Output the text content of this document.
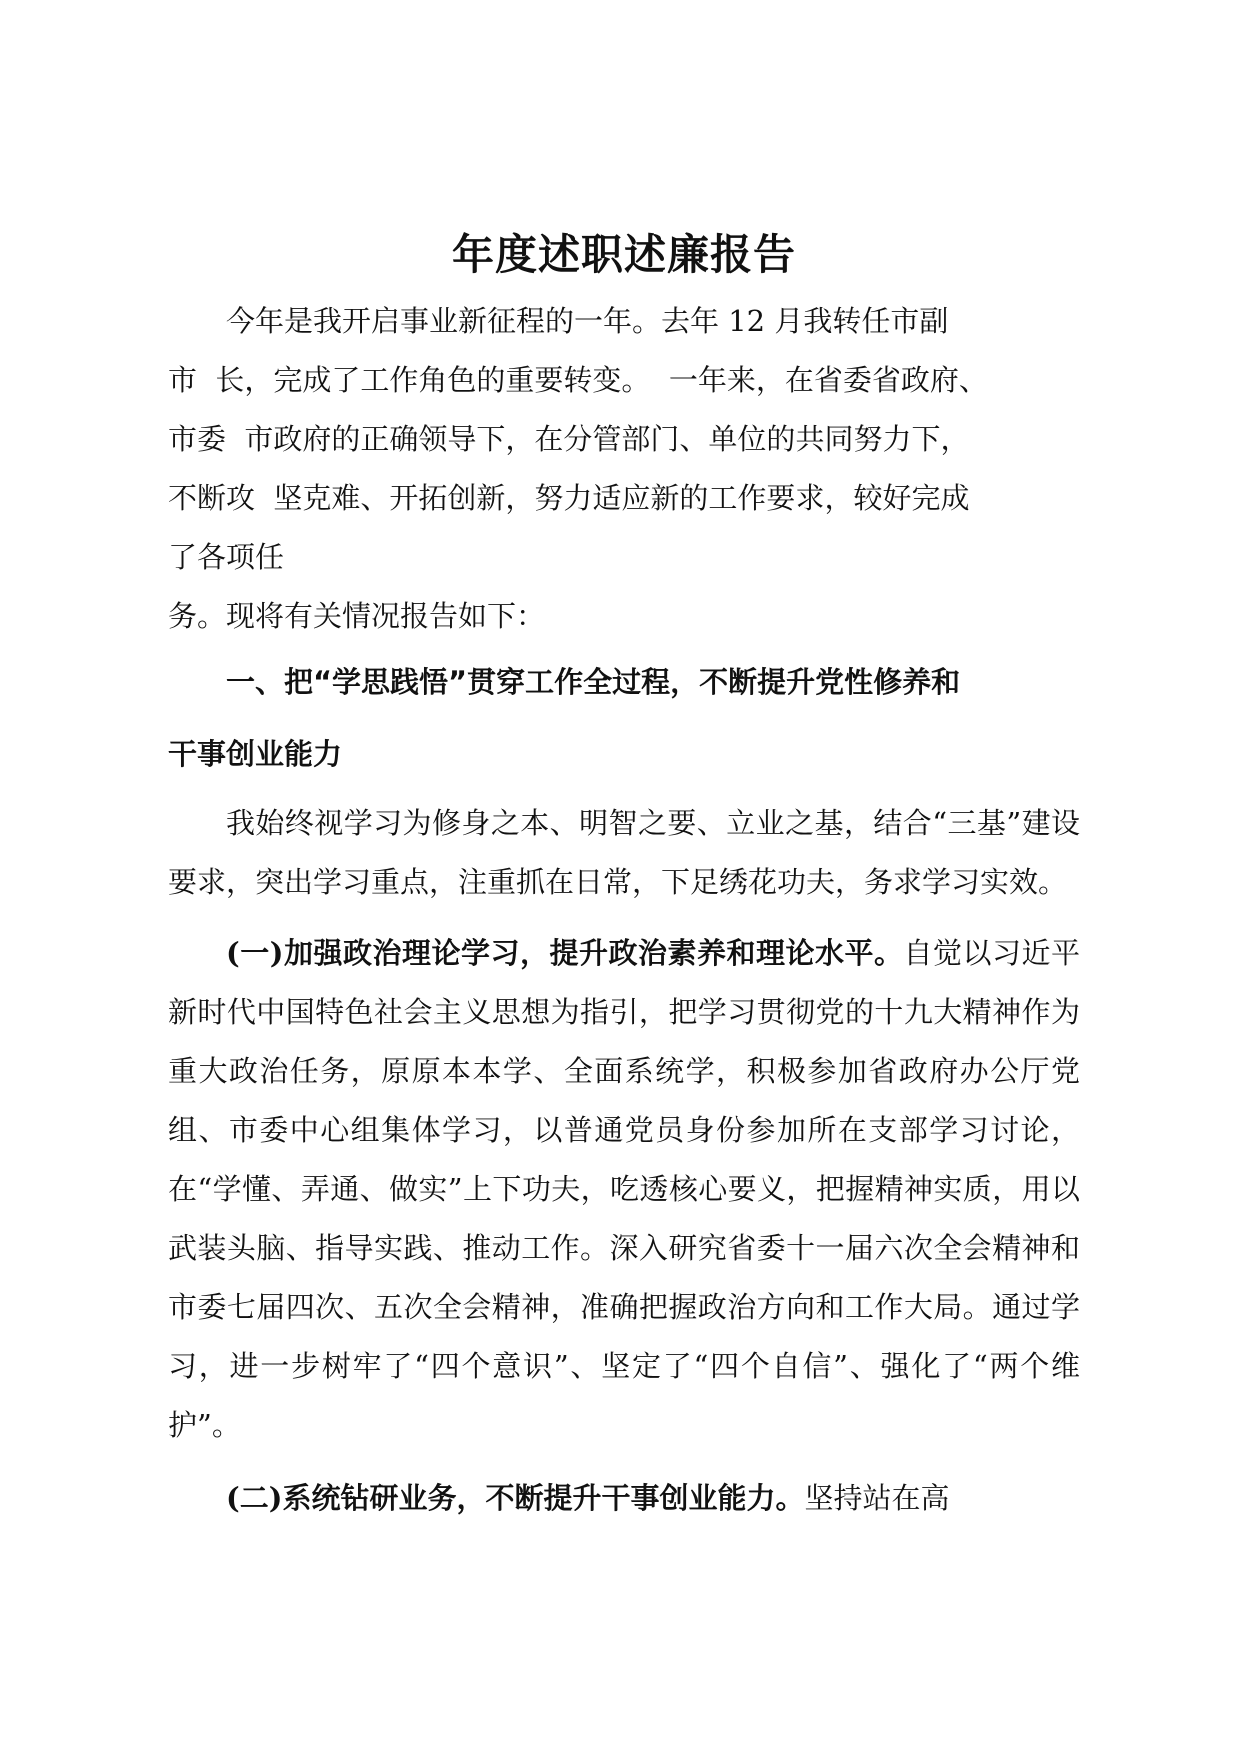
年度述职述廉报告

今年是我开启事业新征程的一年。去年 12 月我转任市副
市  长，完成了工作角色的重要转变。  一年来，在省委省政府、
市委  市政府的正确领导下，在分管部门、单位的共同努力下，
不断攻  坚克难、开拓创新，努力适应新的工作要求，较好完成
了各项任
务。现将有关情况报告如下：

一、把“学思践悟”贯穿工作全过程，不断提升党性修养和
干事创业能力

我始终视学习为修身之本、明智之要、立业之基，结合“三基”建设要求，突出学习重点，注重抓在日常，下足绣花功夫，务求学习实效。

(一)加强政治理论学习，提升政治素养和理论水平。自觉以习近平新时代中国特色社会主义思想为指引，把学习贯彻党的十九大精神作为重大政治任务，原原本本学、全面系统学，积极参加省政府办公厅党组、市委中心组集体学习，以普通党员身份参加所在支部学习讨论，在“学懂、弄通、做实”上下功夫，吃透核心要义，把握精神实质，用以武装头脑、指导实践、推动工作。深入研究省委十一届六次全会精神和市委七届四次、五次全会精神，准确把握政治方向和工作大局。通过学习，进一步树牢了“四个意识”、坚定了“四个自信”、强化了“两个维护”。

(二)系统钻研业务，不断提升干事创业能力。坚持站在高
